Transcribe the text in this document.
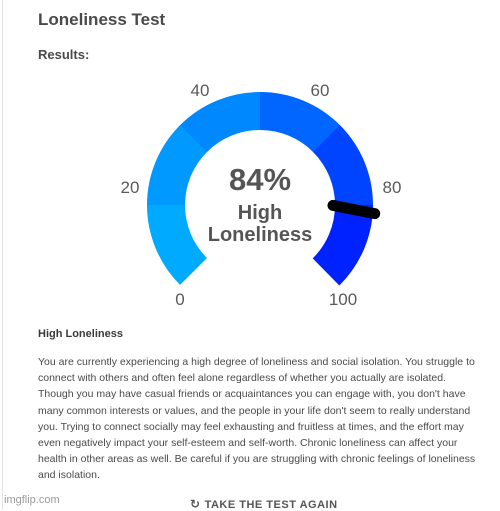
Loneliness Test
Results:
0
20
40	60
80
100
84%
High
Loneliness
High Loneliness

You are currently experiencing a high degree of loneliness and social isolation. You struggle to connect with others and often feel alone regardless of whether you actually are isolated. Though you may have casual friends or acquaintances you can engage with, you don't have many common interests or values, and the people in your life don't seem to really understand you. Trying to connect socially may feel exhausting and fruitless at times, and the effort may even negatively impact your self-esteem and self-worth. Chronic loneliness can affect your health in other areas as well. Be careful if you are struggling with chronic feelings of loneliness and isolation.

imgflip.com	↻ TAKE THE TEST AGAIN
